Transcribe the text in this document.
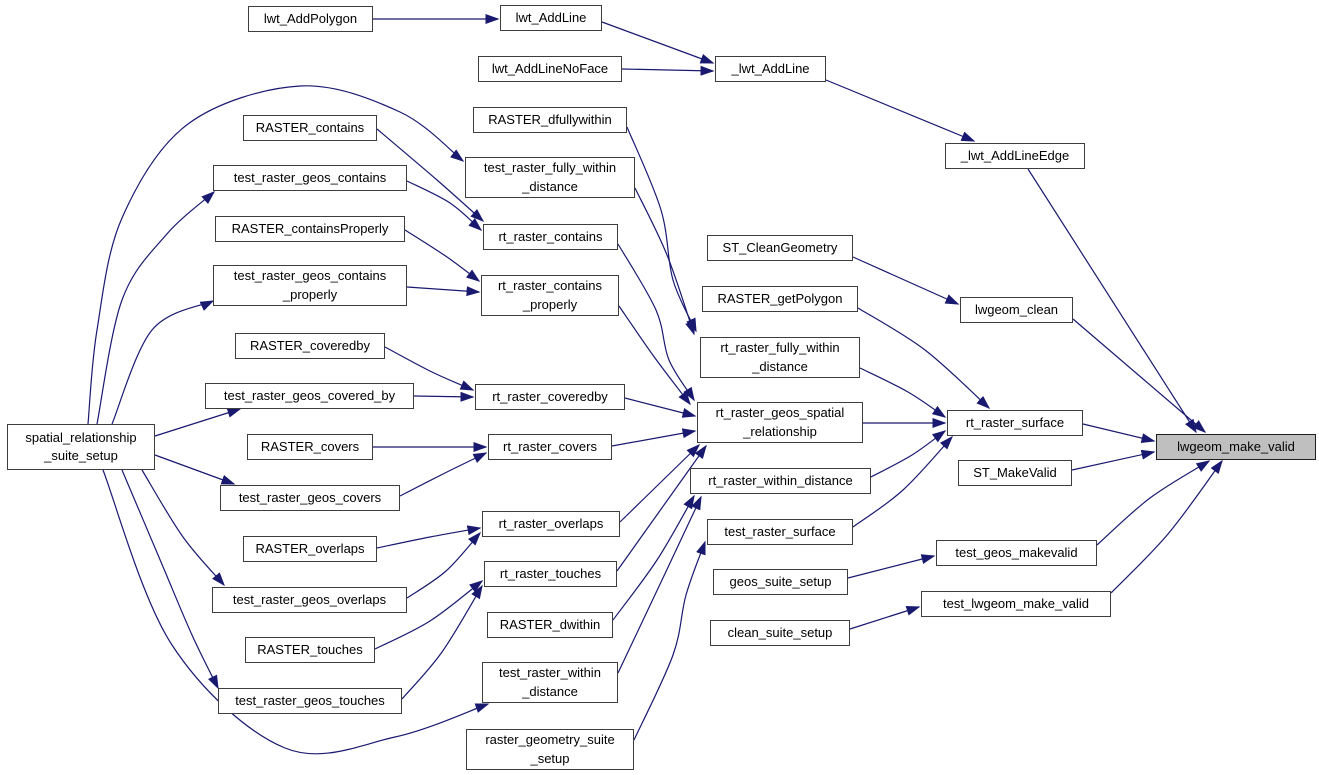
spatial_relationship
_suite_setup
lwt_AddPolygon	lwt_AddLine
lwt_AddLineNoFace	_lwt_AddLine
RASTER_dfullywithin
test_raster_fully_within
_distance
RASTER_contains
test_raster_geos_contains
rt_raster_contains
RASTER_containsProperly
test_raster_geos_contains
_properly
rt_raster_contains
_properly
RASTER_coveredby
test_raster_geos_covered_by	rt_raster_coveredby
RASTER_covers
test_raster_geos_covers
rt_raster_covers
RASTER_overlaps
test_raster_geos_overlaps
rt_raster_overlaps
RASTER_touches
test_raster_geos_touches
rt_raster_touches
RASTER_dwithin
test_raster_within
_distance
raster_geometry_suite
_setup
ST_CleanGeometry
RASTER_getPolygon
rt_raster_fully_within
_distance
rt_raster_geos_spatial
_relationship
rt_raster_within_distance
test_raster_surface
geos_suite_setup
clean_suite_setup
_lwt_AddLineEdge
lwgeom_clean
rt_raster_surface
ST_MakeValid
test_geos_makevalid
test_lwgeom_make_valid
lwgeom_make_valid
